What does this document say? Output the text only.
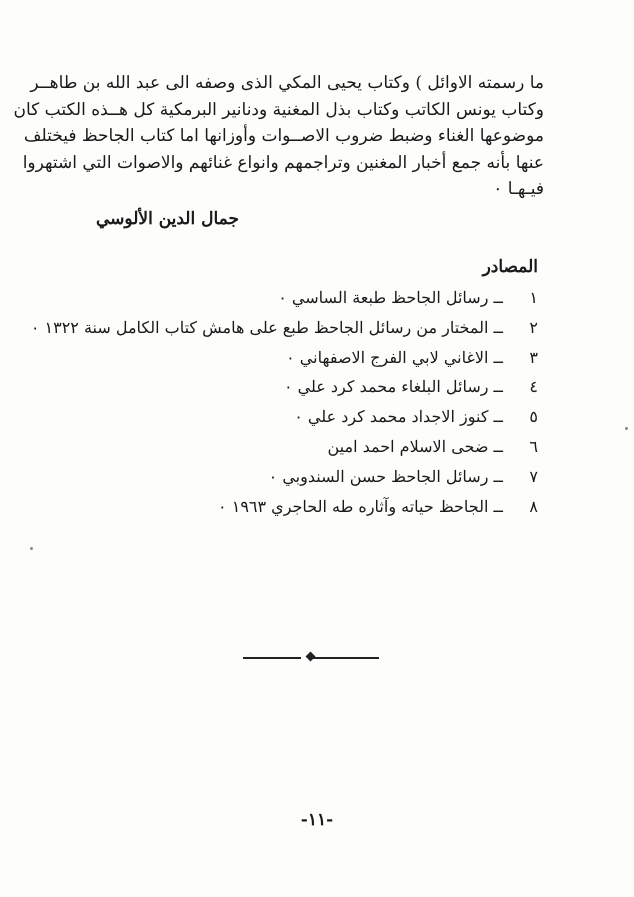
ما رسمته الاوائل ) وكتاب يحيى المكي الذى وصفه الى عبد الله بن طاهــر
وكتاب يونس الكاتب وكتاب بذل المغنية ودنانير البرمكية كل هــذه الكتب كان
موضوعها الغناء وضبط ضروب الاصــوات وأوزانها اما كتاب الجاحظ فيختلف
عنها بأنه جمع أخبار المغنين وتراجمهم وانواع غنائهم والاصوات التي اشتهروا
فيـهـا ٠
جمال الدين الألوسي
المصادر
١ ــ رسائل الجاحظ طبعة الساسي ٠
٢ ــ المختار من رسائل الجاحظ طبع على هامش كتاب الكامل سنة ١٣٢٢ ٠
٣ ــ الاغاني لابي الفرج الاصفهاني ٠
٤ ــ رسائل البلغاء محمد كرد علي ٠
٥ ــ كنوز الاجداد محمد كرد علي ٠
٦ ــ ضحى الاسلام احمد امين
٧ ــ رسائل الجاحظ حسن السندوبي ٠
٨ ــ الجاحظ حياته وآثاره طه الحاجري ١٩٦٣ ٠
-١١-
